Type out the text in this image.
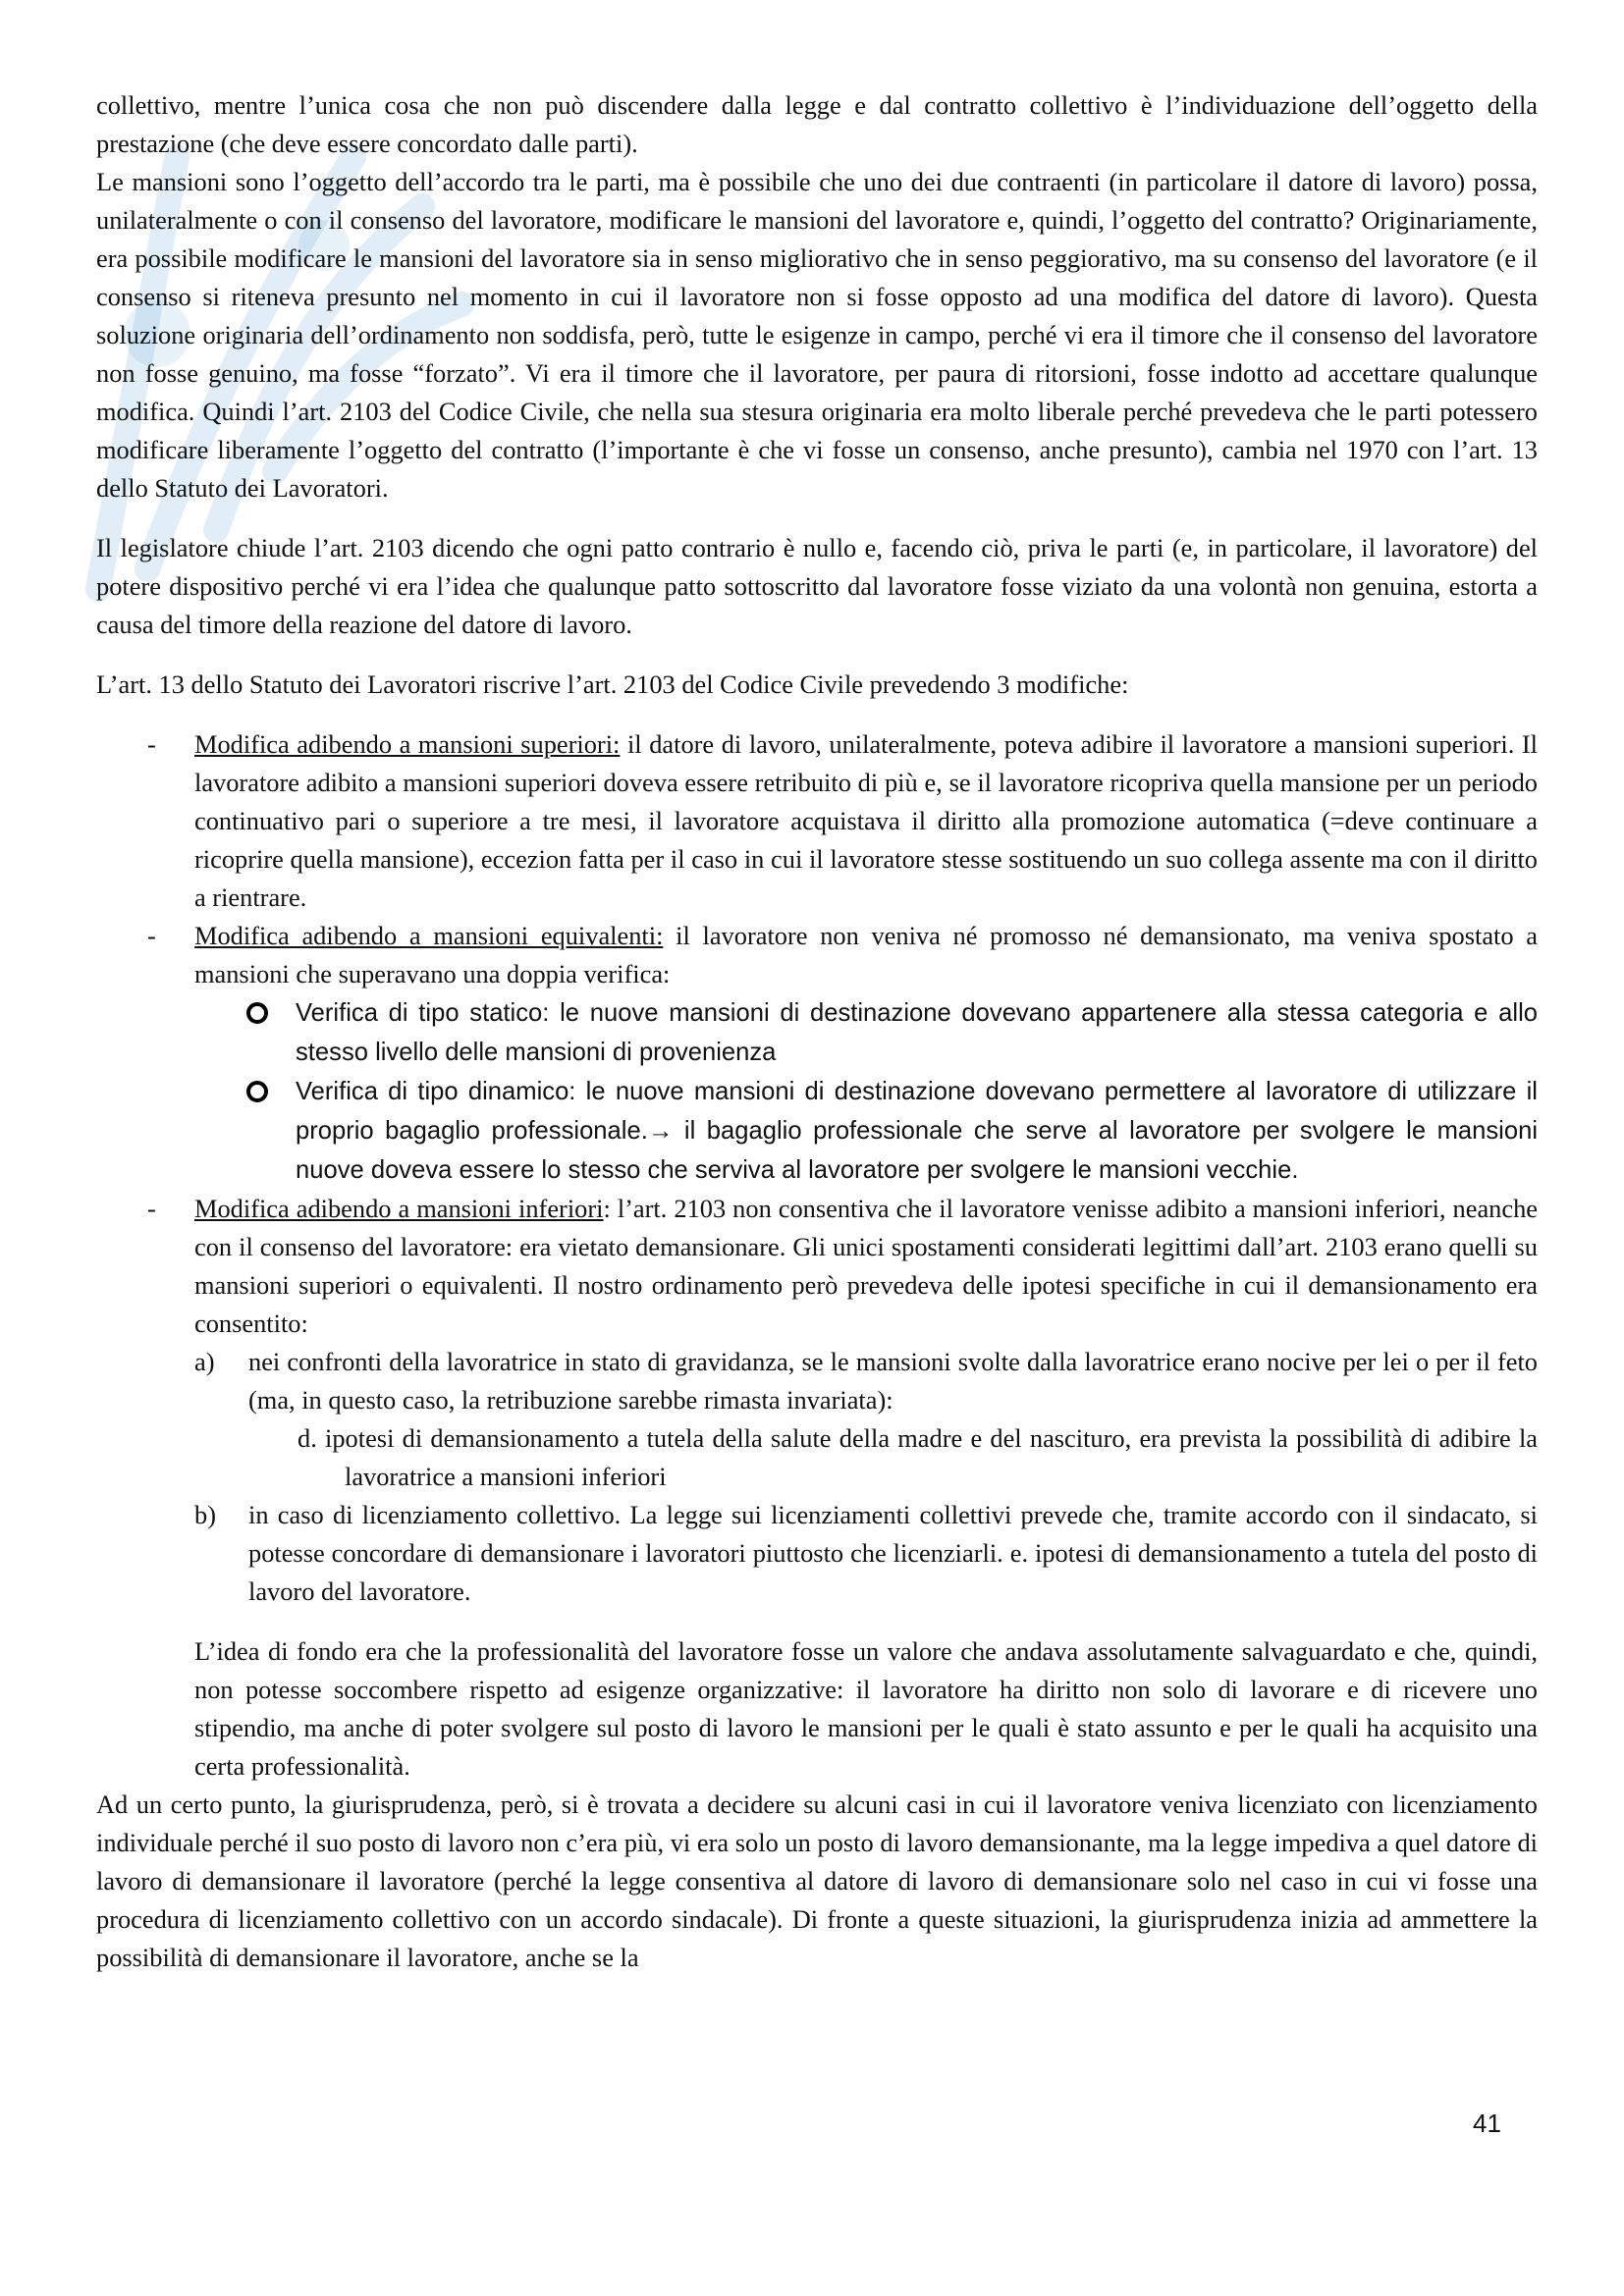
collettivo, mentre l’unica cosa che non può discendere dalla legge e dal contratto collettivo è l’individuazione dell’oggetto della prestazione (che deve essere concordato dalle parti).

Le mansioni sono l’oggetto dell’accordo tra le parti, ma è possibile che uno dei due contraenti (in particolare il datore di lavoro) possa, unilateralmente o con il consenso del lavoratore, modificare le mansioni del lavoratore e, quindi, l’oggetto del contratto? Originariamente, era possibile modificare le mansioni del lavoratore sia in senso migliorativo che in senso peggiorativo, ma su consenso del lavoratore (e il consenso si riteneva presunto nel momento in cui il lavoratore non si fosse opposto ad una modifica del datore di lavoro). Questa soluzione originaria dell’ordinamento non soddisfa, però, tutte le esigenze in campo, perché vi era il timore che il consenso del lavoratore non fosse genuino, ma fosse “forzato”. Vi era il timore che il lavoratore, per paura di ritorsioni, fosse indotto ad accettare qualunque modifica. Quindi l’art. 2103 del Codice Civile, che nella sua stesura originaria era molto liberale perché prevedeva che le parti potessero modificare liberamente l’oggetto del contratto (l’importante è che vi fosse un consenso, anche presunto), cambia nel 1970 con l’art. 13 dello Statuto dei Lavoratori.

Il legislatore chiude l’art. 2103 dicendo che ogni patto contrario è nullo e, facendo ciò, priva le parti (e, in particolare, il lavoratore) del potere dispositivo perché vi era l’idea che qualunque patto sottoscritto dal lavoratore fosse viziato da una volontà non genuina, estorta a causa del timore della reazione del datore di lavoro.

L’art. 13 dello Statuto dei Lavoratori riscrive l’art. 2103 del Codice Civile prevedendo 3 modifiche:

- Modifica adibendo a mansioni superiori: il datore di lavoro, unilateralmente, poteva adibire il lavoratore a mansioni superiori. Il lavoratore adibito a mansioni superiori doveva essere retribuito di più e, se il lavoratore ricopriva quella mansione per un periodo continuativo pari o superiore a tre mesi, il lavoratore acquistava il diritto alla promozione automatica (=deve continuare a ricoprire quella mansione), eccezion fatta per il caso in cui il lavoratore stesse sostituendo un suo collega assente ma con il diritto a rientrare.
- Modifica adibendo a mansioni equivalenti: il lavoratore non veniva né promosso né demansionato, ma veniva spostato a mansioni che superavano una doppia verifica:
Verifica di tipo statico: le nuove mansioni di destinazione dovevano appartenere alla stessa categoria e allo stesso livello delle mansioni di provenienza
Verifica di tipo dinamico: le nuove mansioni di destinazione dovevano permettere al lavoratore di utilizzare il proprio bagaglio professionale.→ il bagaglio professionale che serve al lavoratore per svolgere le mansioni nuove doveva essere lo stesso che serviva al lavoratore per svolgere le mansioni vecchie.
- Modifica adibendo a mansioni inferiori: l’art. 2103 non consentiva che il lavoratore venisse adibito a mansioni inferiori, neanche con il consenso del lavoratore: era vietato demansionare. Gli unici spostamenti considerati legittimi dall’art. 2103 erano quelli su mansioni superiori o equivalenti. Il nostro ordinamento però prevedeva delle ipotesi specifiche in cui il demansionamento era consentito:
a) nei confronti della lavoratrice in stato di gravidanza, se le mansioni svolte dalla lavoratrice erano nocive per lei o per il feto (ma, in questo caso, la retribuzione sarebbe rimasta invariata):
d. ipotesi di demansionamento a tutela della salute della madre e del nascituro, era prevista la possibilità di adibire la lavoratrice a mansioni inferiori
b) in caso di licenziamento collettivo. La legge sui licenziamenti collettivi prevede che, tramite accordo con il sindacato, si potesse concordare di demansionare i lavoratori piuttosto che licenziarli. e. ipotesi di demansionamento a tutela del posto di lavoro del lavoratore.

L’idea di fondo era che la professionalità del lavoratore fosse un valore che andava assolutamente salvaguardato e che, quindi, non potesse soccombere rispetto ad esigenze organizzative: il lavoratore ha diritto non solo di lavorare e di ricevere uno stipendio, ma anche di poter svolgere sul posto di lavoro le mansioni per le quali è stato assunto e per le quali ha acquisito una certa professionalità.

Ad un certo punto, la giurisprudenza, però, si è trovata a decidere su alcuni casi in cui il lavoratore veniva licenziato con licenziamento individuale perché il suo posto di lavoro non c’era più, vi era solo un posto di lavoro demansionante, ma la legge impediva a quel datore di lavoro di demansionare il lavoratore (perché la legge consentiva al datore di lavoro di demansionare solo nel caso in cui vi fosse una procedura di licenziamento collettivo con un accordo sindacale). Di fronte a queste situazioni, la giurisprudenza inizia ad ammettere la possibilità di demansionare il lavoratore, anche se la

41
